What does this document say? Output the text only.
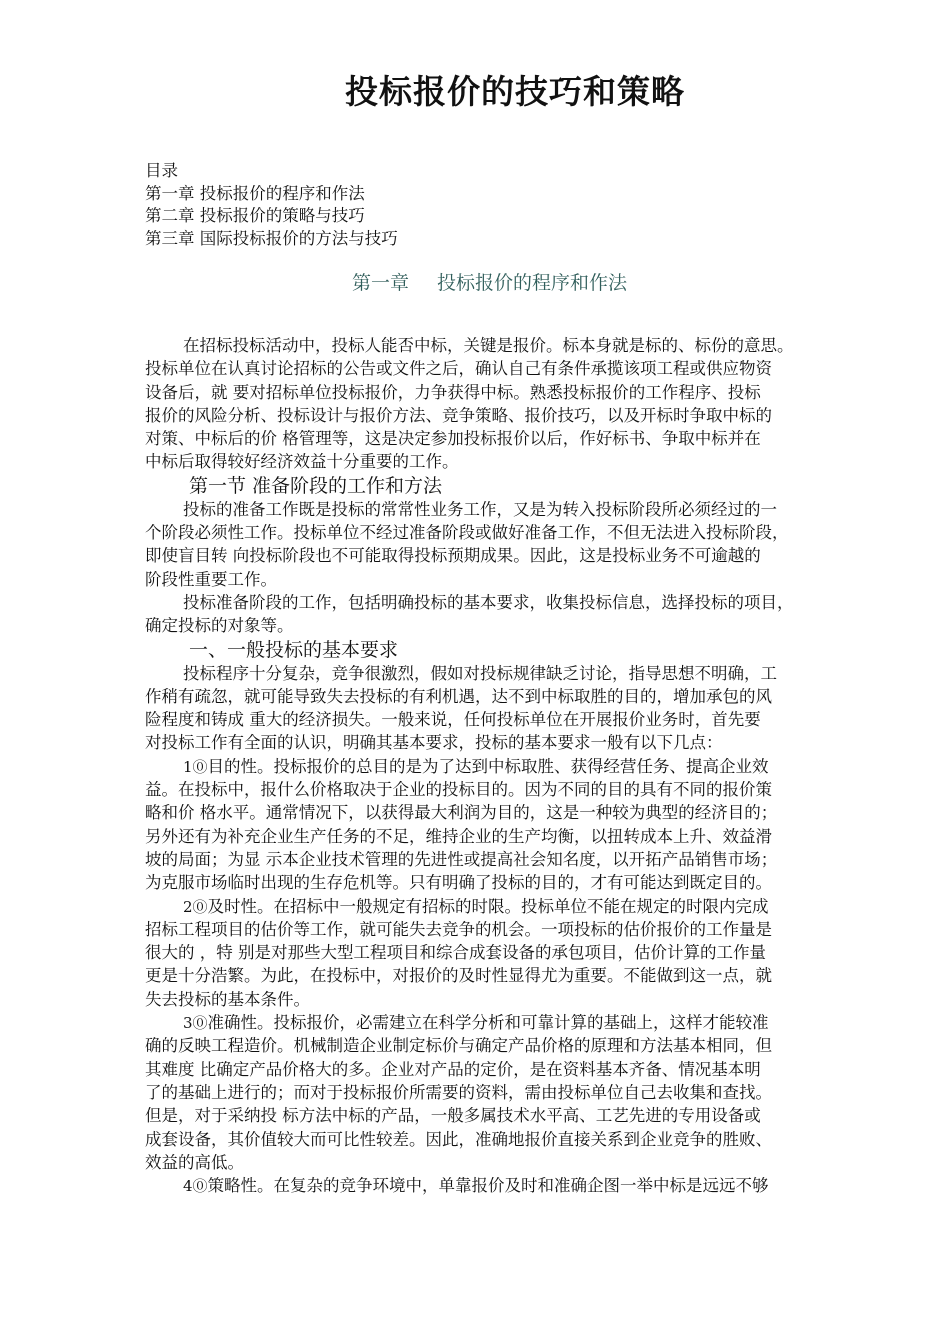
投标报价的技巧和策略
目录
第一章 投标报价的程序和作法
第二章 投标报价的策略与技巧
第三章 国际投标报价的方法与技巧
第一章 投标报价的程序和作法
在招标投标活动中，投标人能否中标，关键是报价。标本身就是标的、标份的意思。
投标单位在认真讨论招标的公告或文件之后，确认自己有条件承揽该项工程或供应物资
设备后，就 要对招标单位投标报价，力争获得中标。熟悉投标报价的工作程序、投标
报价的风险分析、投标设计与报价方法、竞争策略、报价技巧，以及开标时争取中标的
对策、中标后的价 格管理等，这是决定参加投标报价以后，作好标书、争取中标并在
中标后取得较好经济效益十分重要的工作。
第一节 准备阶段的工作和方法
投标的准备工作既是投标的常常性业务工作，又是为转入投标阶段所必须经过的一
个阶段必须性工作。投标单位不经过准备阶段或做好准备工作，不但无法进入投标阶段，
即使盲目转 向投标阶段也不可能取得投标预期成果。因此，这是投标业务不可逾越的
阶段性重要工作。
投标准备阶段的工作，包括明确投标的基本要求，收集投标信息，选择投标的项目，
确定投标的对象等。
一、一般投标的基本要求
投标程序十分复杂，竞争很激烈，假如对投标规律缺乏讨论，指导思想不明确，工
作稍有疏忽，就可能导致失去投标的有利机遇，达不到中标取胜的目的，增加承包的风
险程度和铸成 重大的经济损失。一般来说，任何投标单位在开展报价业务时，首先要
对投标工作有全面的认识，明确其基本要求，投标的基本要求一般有以下几点：
1⓪目的性。投标报价的总目的是为了达到中标取胜、获得经营任务、提高企业效
益。在投标中，报什么价格取决于企业的投标目的。因为不同的目的具有不同的报价策
略和价 格水平。通常情况下，以获得最大利润为目的，这是一种较为典型的经济目的；
另外还有为补充企业生产任务的不足，维持企业的生产均衡，以扭转成本上升、效益滑
坡的局面；为显 示本企业技术管理的先进性或提高社会知名度，以开拓产品销售市场；
为克服市场临时出现的生存危机等。只有明确了投标的目的，才有可能达到既定目的。
2⓪及时性。在招标中一般规定有招标的时限。投标单位不能在规定的时限内完成
招标工程项目的估价等工作，就可能失去竞争的机会。一项投标的估价报价的工作量是
很大的 ，特 别是对那些大型工程项目和综合成套设备的承包项目，估价计算的工作量
更是十分浩繁。为此，在投标中，对报价的及时性显得尤为重要。不能做到这一点，就
失去投标的基本条件。
3⓪准确性。投标报价，必需建立在科学分析和可靠计算的基础上，这样才能较准
确的反映工程造价。机械制造企业制定标价与确定产品价格的原理和方法基本相同，但
其难度 比确定产品价格大的多。企业对产品的定价，是在资料基本齐备、情况基本明
了的基础上进行的；而对于投标报价所需要的资料，需由投标单位自己去收集和查找。
但是，对于采纳投 标方法中标的产品，一般多属技术水平高、工艺先进的专用设备或
成套设备，其价值较大而可比性较差。因此，准确地报价直接关系到企业竞争的胜败、
效益的高低。
4⓪策略性。在复杂的竞争环境中，单靠报价及时和准确企图一举中标是远远不够
